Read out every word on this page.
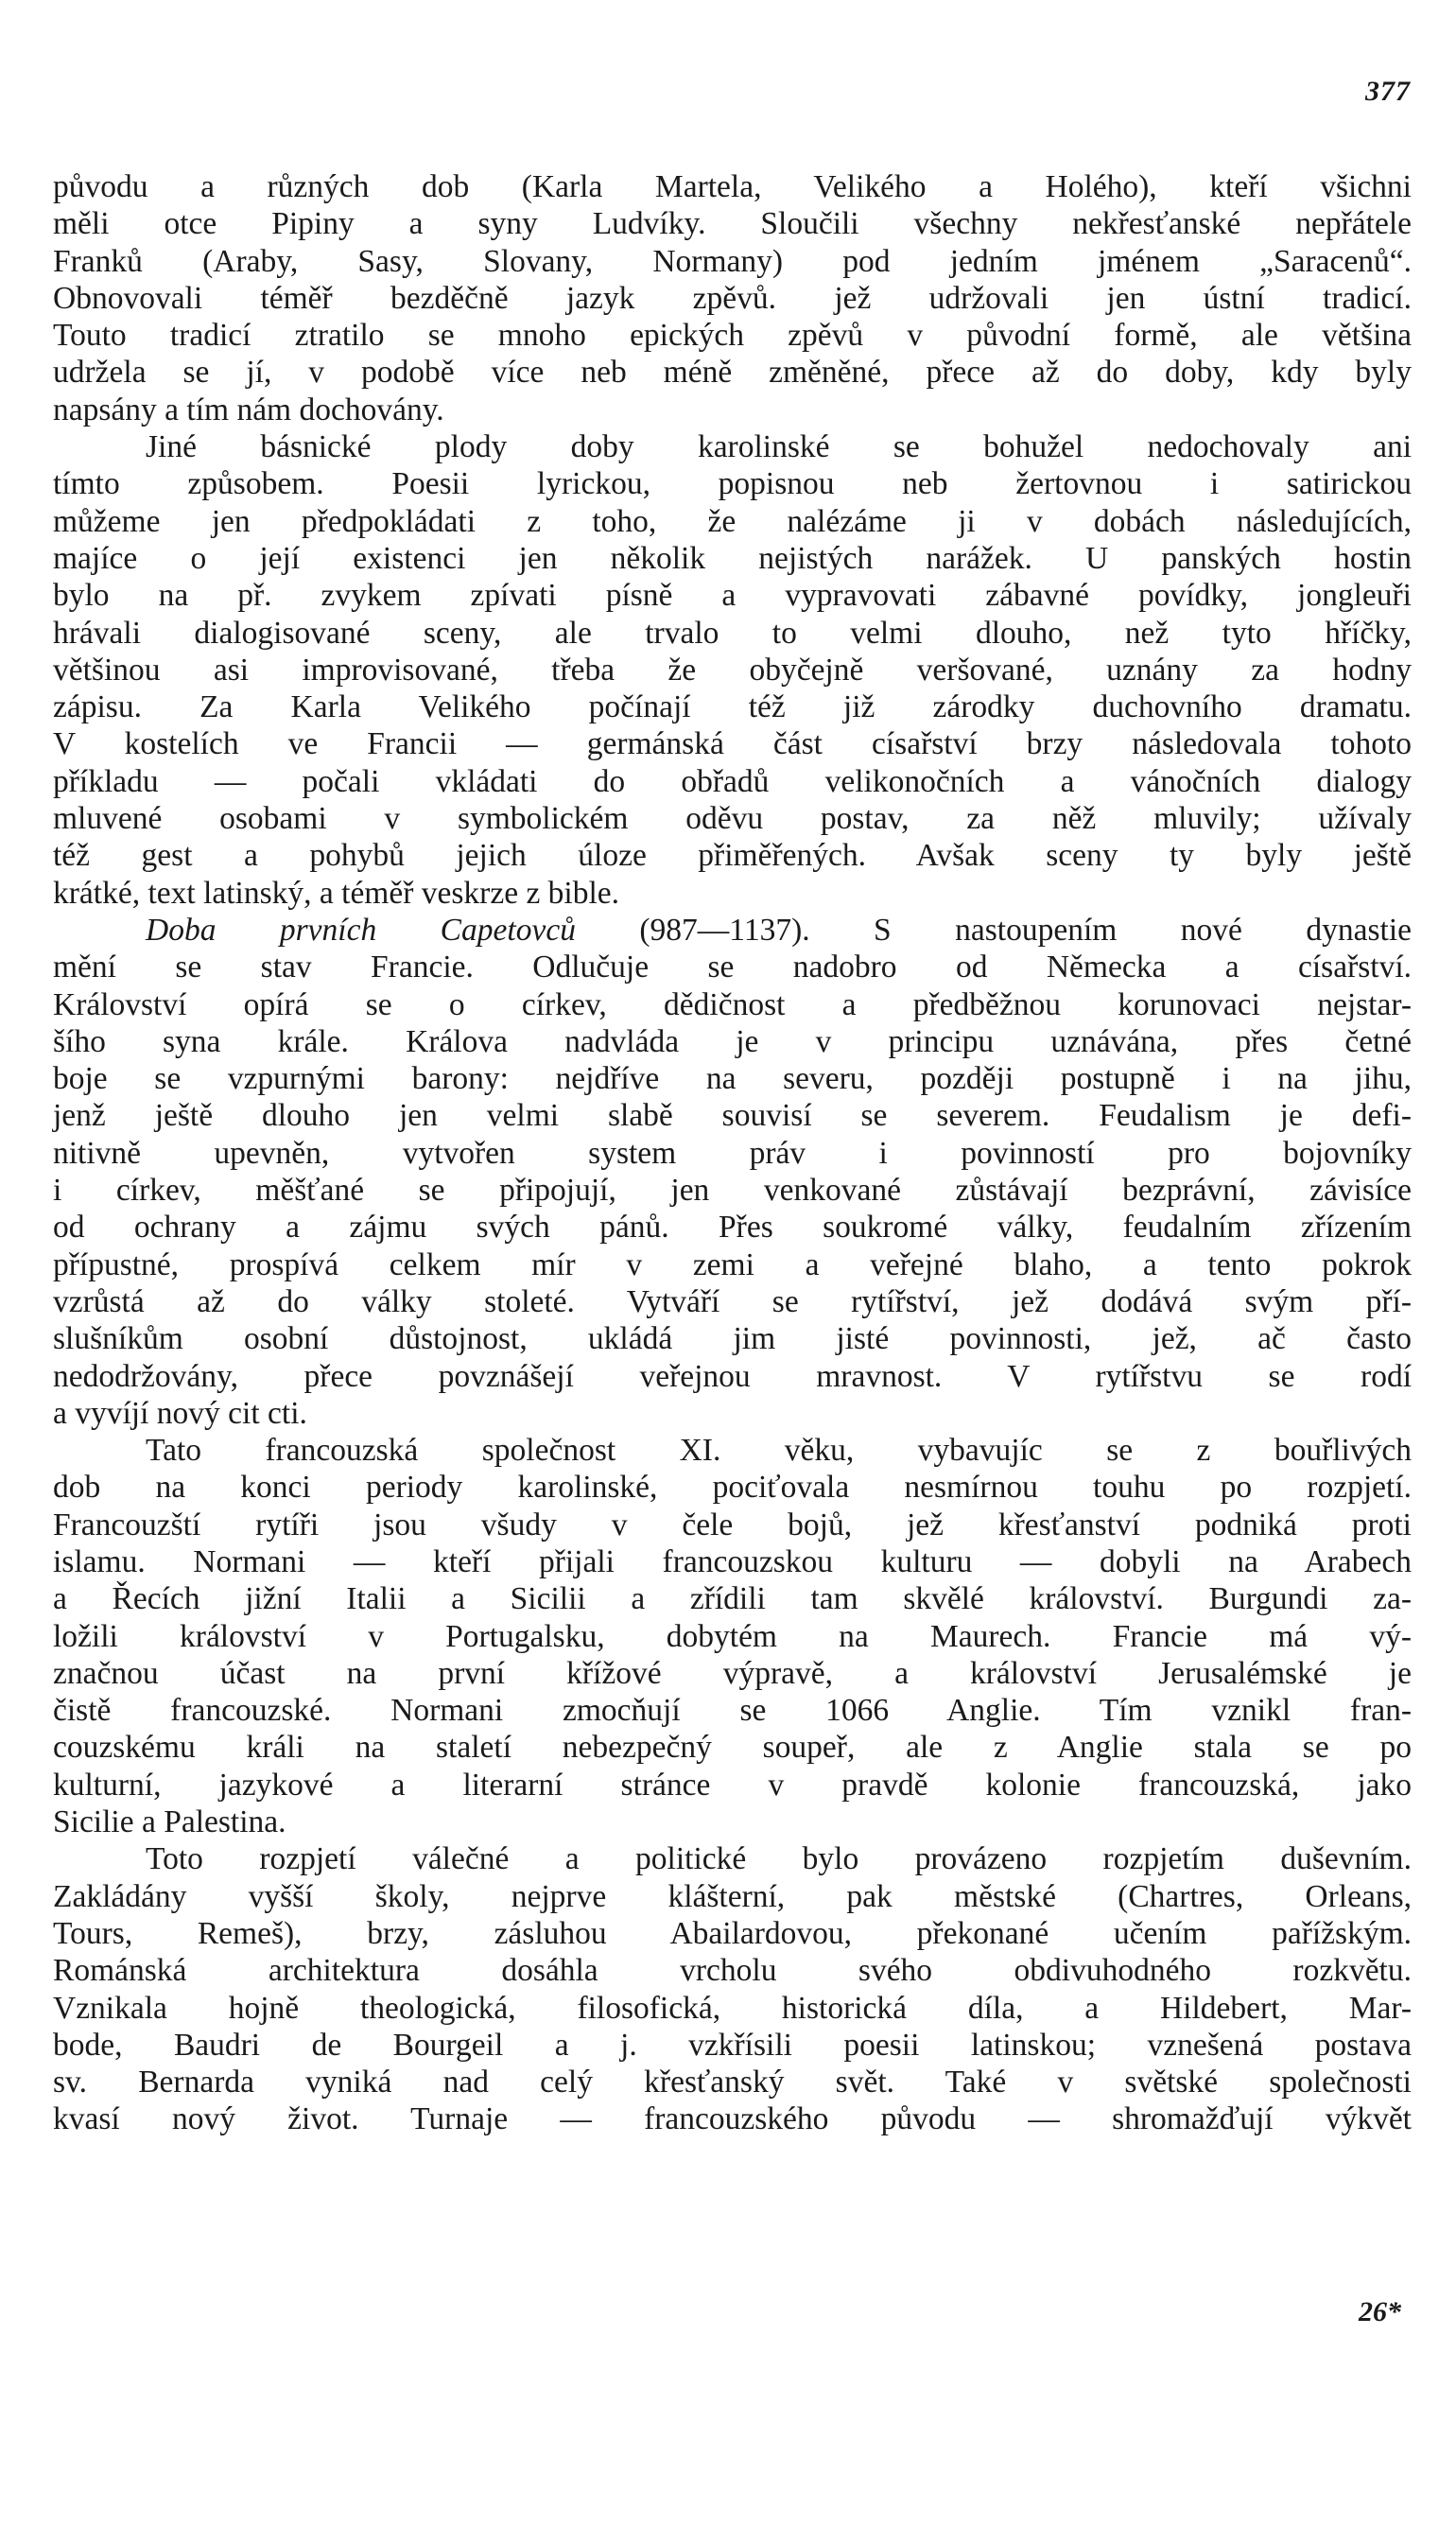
377
původu a různých dob (Karla Martela, Velikého a Holého), kteří všichni
měli otce Pipiny a syny Ludvíky. Sloučili všechny nekřesťanské nepřátele
Franků (Araby, Sasy, Slovany, Normany) pod jedním jménem „Saracenů“.
Obnovovali téměř bezděčně jazyk zpěvů. jež udržovali jen ústní tradicí.
Touto tradicí ztratilo se mnoho epických zpěvů v původní formě, ale většina
udržela se jí, v podobě více neb méně změněné, přece až do doby, kdy byly
napsány a tím nám dochovány.
Jiné básnické plody doby karolinské se bohužel nedochovaly ani
tímto způsobem. Poesii lyrickou, popisnou neb žertovnou i satirickou
můžeme jen předpokládati z toho, že nalézáme ji v dobách následujících,
majíce o její existenci jen několik nejistých narážek. U panských hostin
bylo na př. zvykem zpívati písně a vypravovati zábavné povídky, jongleuři
hrávali dialogisované sceny, ale trvalo to velmi dlouho, než tyto hříčky,
většinou asi improvisované, třeba že obyčejně veršované, uznány za hodny
zápisu. Za Karla Velikého počínají též již zárodky duchovního dramatu.
V kostelích ve Francii — germánská část císařství brzy následovala tohoto
příkladu — počali vkládati do obřadů velikonočních a vánočních dialogy
mluvené osobami v symbolickém oděvu postav, za něž mluvily; užívaly
též gest a pohybů jejich úloze přiměřených. Avšak sceny ty byly ještě
krátké, text latinský, a téměř veskrze z bible.
Doba prvních Capetovců (987—1137). S nastoupením nové dynastie
mění se stav Francie. Odlučuje se nadobro od Německa a císařství.
Království opírá se o církev, dědičnost a předběžnou korunovaci nejstar-
šího syna krále. Králova nadvláda je v principu uznávána, přes četné
boje se vzpurnými barony: nejdříve na severu, později postupně i na jihu,
jenž ještě dlouho jen velmi slabě souvisí se severem. Feudalism je defi-
nitivně upevněn, vytvořen system práv i povinností pro bojovníky
i církev, měšťané se připojují, jen venkované zůstávají bezprávní, závisíce
od ochrany a zájmu svých pánů. Přes soukromé války, feudalním zřízením
přípustné, prospívá celkem mír v zemi a veřejné blaho, a tento pokrok
vzrůstá až do války stoleté. Vytváří se rytířství, jež dodává svým pří-
slušníkům osobní důstojnost, ukládá jim jisté povinnosti, jež, ač často
nedodržovány, přece povznášejí veřejnou mravnost. V rytířstvu se rodí
a vyvíjí nový cit cti.
Tato francouzská společnost XI. věku, vybavujíc se z bouřlivých
dob na konci periody karolinské, pociťovala nesmírnou touhu po rozpjetí.
Francouzští rytíři jsou všudy v čele bojů, jež křesťanství podniká proti
islamu. Normani — kteří přijali francouzskou kulturu — dobyli na Arabech
a Řecích jižní Italii a Sicilii a zřídili tam skvělé království. Burgundi za-
ložili království v Portugalsku, dobytém na Maurech. Francie má vý-
značnou účast na první křížové výpravě, a království Jerusalémské je
čistě francouzské. Normani zmocňují se 1066 Anglie. Tím vznikl fran-
couzskému králi na staletí nebezpečný soupeř, ale z Anglie stala se po
kulturní, jazykové a literarní stránce v pravdě kolonie francouzská, jako
Sicilie a Palestina.
Toto rozpjetí válečné a politické bylo provázeno rozpjetím duševním.
Zakládány vyšší školy, nejprve klášterní, pak městské (Chartres, Orleans,
Tours, Remeš), brzy, zásluhou Abailardovou, překonané učením pařížským.
Románská architektura dosáhla vrcholu svého obdivuhodného rozkvětu.
Vznikala hojně theologická, filosofická, historická díla, a Hildebert, Mar-
bode, Baudri de Bourgeil a j. vzkřísili poesii latinskou; vznešená postava
sv. Bernarda vyniká nad celý křesťanský svět. Také v světské společnosti
kvasí nový život. Turnaje — francouzského původu — shromažďují výkvět
26*
